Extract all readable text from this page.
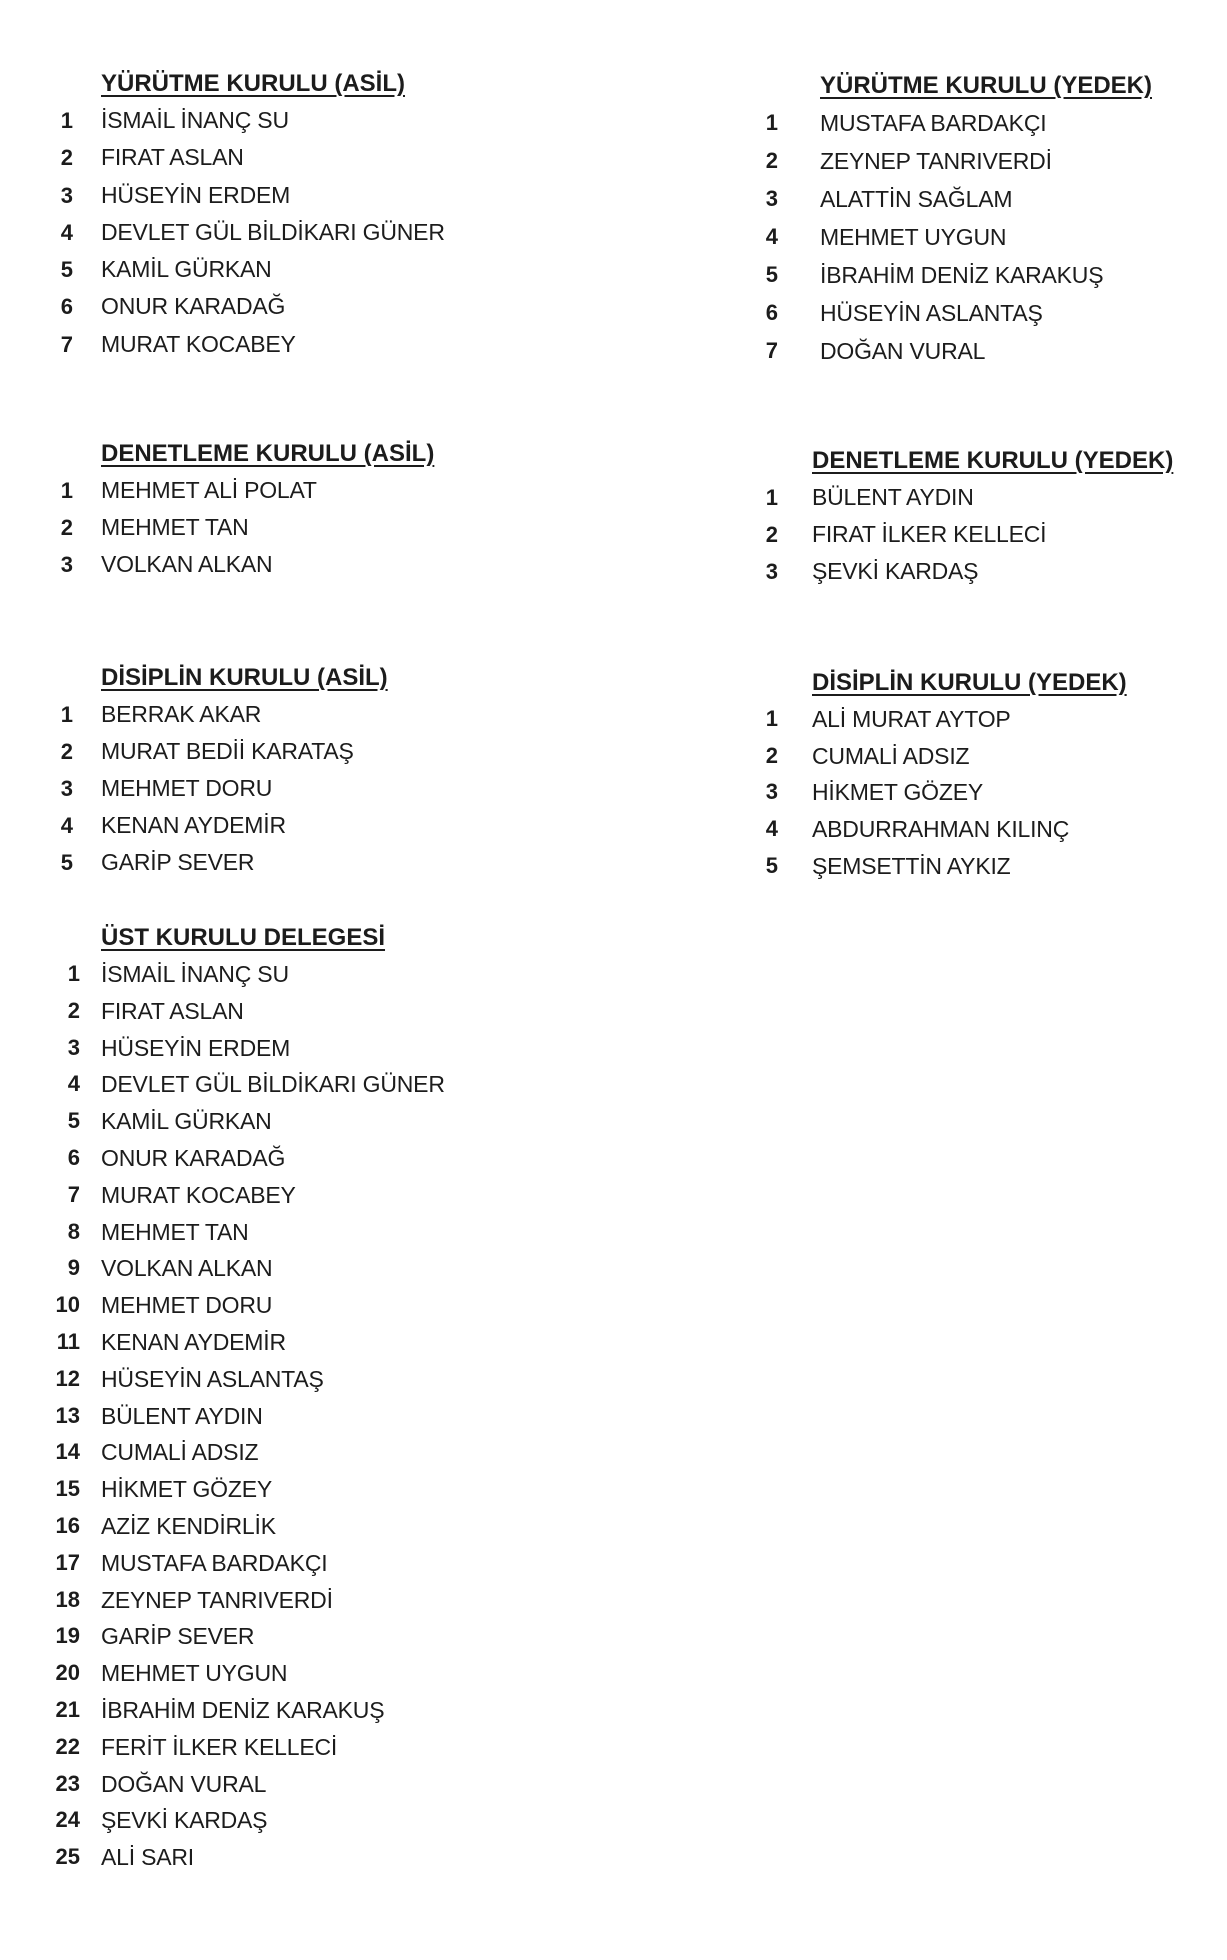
YÜRÜTME KURULU (ASİL)
1 İSMAİL İNANÇ SU
2 FIRAT ASLAN
3 HÜSEYİN ERDEM
4 DEVLET GÜL BİLDİKARI GÜNER
5 KAMİL GÜRKAN
6 ONUR KARADAĞ
7 MURAT KOCABEY
YÜRÜTME KURULU (YEDEK)
1 MUSTAFA BARDAKÇI
2 ZEYNEP TANRIVERDİ
3 ALATTİN SAĞLAM
4 MEHMET UYGUN
5 İBRAHİM DENİZ KARAKUŞ
6 HÜSEYİN ASLANTAŞ
7 DOĞAN VURAL
DENETLEME KURULU (ASİL)
1 MEHMET ALİ POLAT
2 MEHMET TAN
3 VOLKAN ALKAN
DENETLEME KURULU (YEDEK)
1 BÜLENT AYDIN
2 FIRAT İLKER KELLECİ
3 ŞEVKİ KARDAŞ
DİSİPLİN KURULU (ASİL)
1 BERRAK AKAR
2 MURAT BEDİİ KARATAŞ
3 MEHMET DORU
4 KENAN AYDEMİR
5 GARİP SEVER
DİSİPLİN KURULU (YEDEK)
1 ALİ MURAT AYTOP
2 CUMALİ ADSIZ
3 HİKMET GÖZEY
4 ABDURRAHMAN KILINÇ
5 ŞEMSETTİN AYKIZ
ÜST KURULU DELEGESİ
1 İSMAİL İNANÇ SU
2 FIRAT ASLAN
3 HÜSEYİN ERDEM
4 DEVLET GÜL BİLDİKARI GÜNER
5 KAMİL GÜRKAN
6 ONUR KARADAĞ
7 MURAT KOCABEY
8 MEHMET TAN
9 VOLKAN ALKAN
10 MEHMET DORU
11 KENAN AYDEMİR
12 HÜSEYİN ASLANTAŞ
13 BÜLENT AYDIN
14 CUMALİ ADSIZ
15 HİKMET GÖZEY
16 AZİZ KENDİRLİK
17 MUSTAFA BARDAKÇI
18 ZEYNEP TANRIVERDİ
19 GARİP SEVER
20 MEHMET UYGUN
21 İBRAHİM DENİZ KARAKUŞ
22 FERİT İLKER KELLECİ
23 DOĞAN VURAL
24 ŞEVKİ KARDAŞ
25 ALİ SARI
